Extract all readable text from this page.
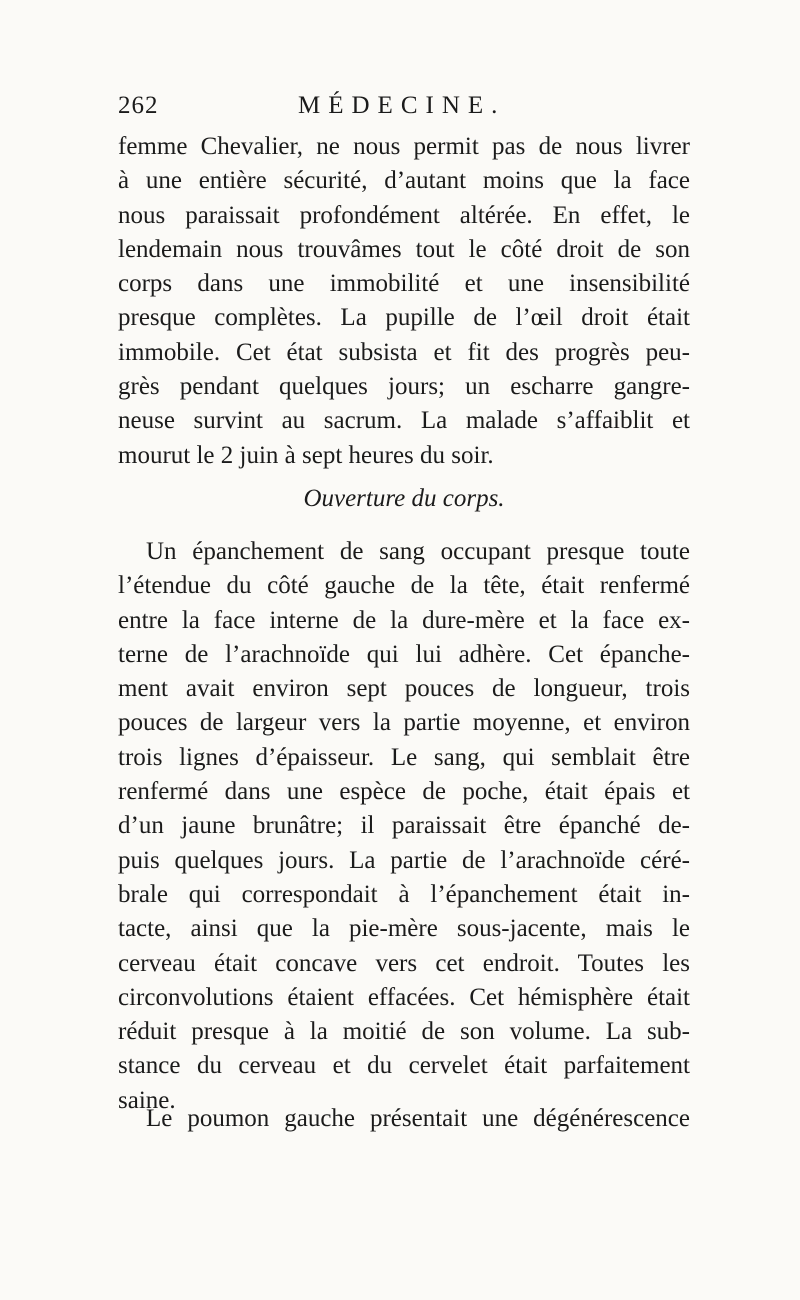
262	MÉDECINE.
femme Chevalier, ne nous permit pas de nous livrer
à une entière sécurité, d’autant moins que la face
nous paraissait profondément altérée. En effet, le
lendemain nous trouvâmes tout le côté droit de son
corps dans une immobilité et une insensibilité
presque complètes. La pupille de l’œil droit était
immobile. Cet état subsista et fit des progrès peu-
grès pendant quelques jours; un escharre gangre-
neuse survint au sacrum. La malade s’affaiblit et
mourut le 2 juin à sept heures du soir.
Ouverture du corps.
Un épanchement de sang occupant presque toute
l’étendue du côté gauche de la tête, était renfermé
entre la face interne de la dure-mère et la face ex-
terne de l’arachnoïde qui lui adhère. Cet épanche-
ment avait environ sept pouces de longueur, trois
pouces de largeur vers la partie moyenne, et environ
trois lignes d’épaisseur. Le sang, qui semblait être
renfermé dans une espèce de poche, était épais et
d’un jaune brunâtre; il paraissait être épanché de-
puis quelques jours. La partie de l’arachnoïde céré-
brale qui correspondait à l’épanchement était in-
tacte, ainsi que la pie-mère sous-jacente, mais le
cerveau était concave vers cet endroit. Toutes les
circonvolutions étaient effacées. Cet hémisphère était
réduit presque à la moitié de son volume. La sub-
stance du cerveau et du cervelet était parfaitement
saine.
Le poumon gauche présentait une dégénérescence
